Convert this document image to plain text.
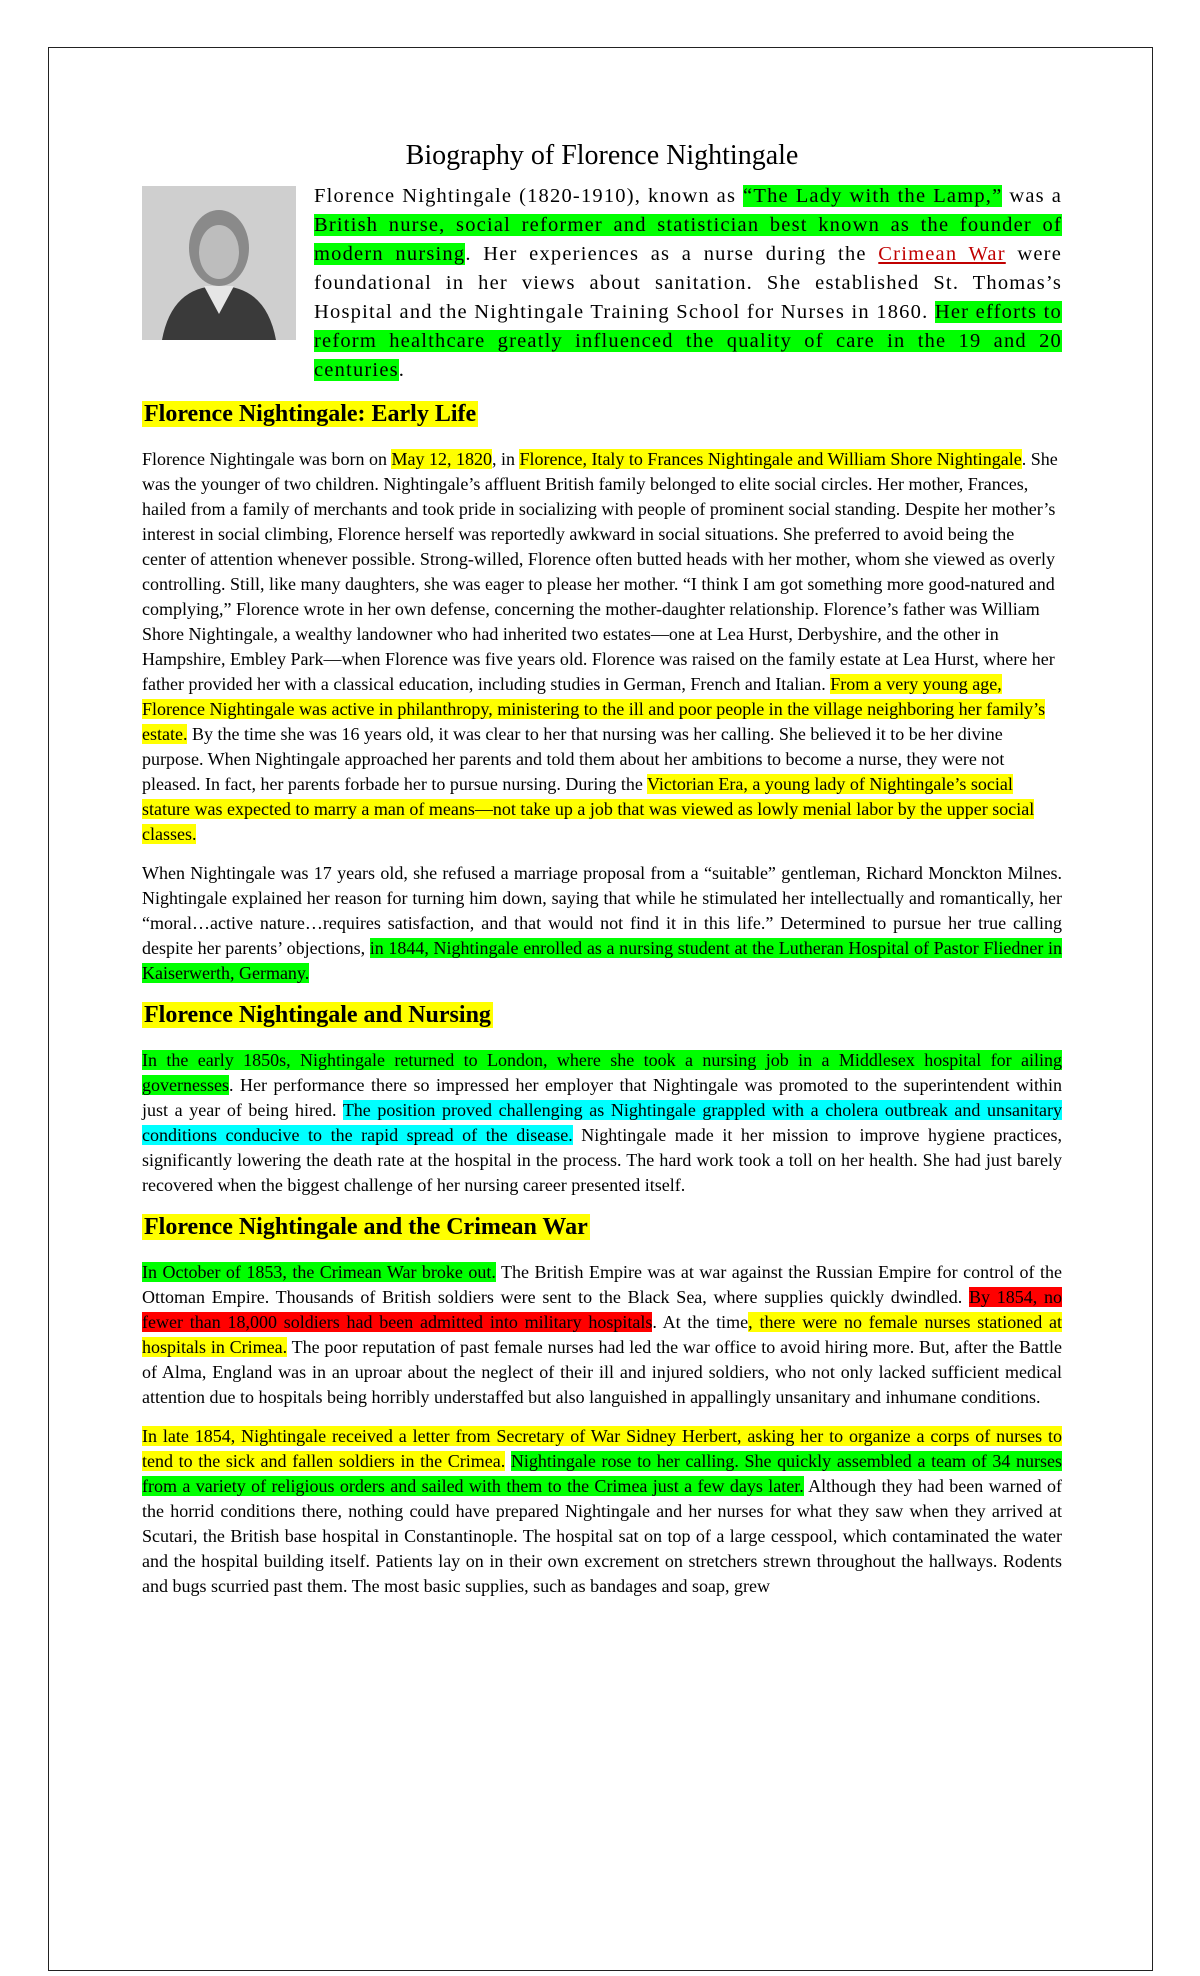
Biography of Florence Nightingale
Florence Nightingale (1820-1910), known as “The Lady with the Lamp,” was a British nurse, social reformer and statistician best known as the founder of modern nursing. Her experiences as a nurse during the Crimean War were foundational in her views about sanitation. She established St. Thomas’s Hospital and the Nightingale Training School for Nurses in 1860. Her efforts to reform healthcare greatly influenced the quality of care in the 19 and 20 centuries.
Florence Nightingale: Early Life

Florence Nightingale was born on May 12, 1820, in Florence, Italy to Frances Nightingale and William Shore Nightingale. She was the younger of two children. Nightingale’s affluent British family belonged to elite social circles. Her mother, Frances, hailed from a family of merchants and took pride in socializing with people of prominent social standing. Despite her mother’s interest in social climbing, Florence herself was reportedly awkward in social situations. She preferred to avoid being the center of attention whenever possible. Strong-willed, Florence often butted heads with her mother, whom she viewed as overly controlling. Still, like many daughters, she was eager to please her mother. “I think I am got something more good-natured and complying,” Florence wrote in her own defense, concerning the mother-daughter relationship. Florence’s father was William Shore Nightingale, a wealthy landowner who had inherited two estates—one at Lea Hurst, Derbyshire, and the other in Hampshire, Embley Park—when Florence was five years old. Florence was raised on the family estate at Lea Hurst, where her father provided her with a classical education, including studies in German, French and Italian. From a very young age, Florence Nightingale was active in philanthropy, ministering to the ill and poor people in the village neighboring her family’s estate. By the time she was 16 years old, it was clear to her that nursing was her calling. She believed it to be her divine purpose. When Nightingale approached her parents and told them about her ambitions to become a nurse, they were not pleased. In fact, her parents forbade her to pursue nursing. During the Victorian Era, a young lady of Nightingale’s social stature was expected to marry a man of means—not take up a job that was viewed as lowly menial labor by the upper social classes.

When Nightingale was 17 years old, she refused a marriage proposal from a “suitable” gentleman, Richard Monckton Milnes. Nightingale explained her reason for turning him down, saying that while he stimulated her intellectually and romantically, her “moral…active nature…requires satisfaction, and that would not find it in this life.” Determined to pursue her true calling despite her parents’ objections, in 1844, Nightingale enrolled as a nursing student at the Lutheran Hospital of Pastor Fliedner in Kaiserwerth, Germany.

Florence Nightingale and Nursing

In the early 1850s, Nightingale returned to London, where she took a nursing job in a Middlesex hospital for ailing governesses. Her performance there so impressed her employer that Nightingale was promoted to the superintendent within just a year of being hired. The position proved challenging as Nightingale grappled with a cholera outbreak and unsanitary conditions conducive to the rapid spread of the disease. Nightingale made it her mission to improve hygiene practices, significantly lowering the death rate at the hospital in the process. The hard work took a toll on her health. She had just barely recovered when the biggest challenge of her nursing career presented itself.

Florence Nightingale and the Crimean War

In October of 1853, the Crimean War broke out. The British Empire was at war against the Russian Empire for control of the Ottoman Empire. Thousands of British soldiers were sent to the Black Sea, where supplies quickly dwindled. By 1854, no fewer than 18,000 soldiers had been admitted into military hospitals. At the time, there were no female nurses stationed at hospitals in Crimea. The poor reputation of past female nurses had led the war office to avoid hiring more. But, after the Battle of Alma, England was in an uproar about the neglect of their ill and injured soldiers, who not only lacked sufficient medical attention due to hospitals being horribly understaffed but also languished in appallingly unsanitary and inhumane conditions.

In late 1854, Nightingale received a letter from Secretary of War Sidney Herbert, asking her to organize a corps of nurses to tend to the sick and fallen soldiers in the Crimea. Nightingale rose to her calling. She quickly assembled a team of 34 nurses from a variety of religious orders and sailed with them to the Crimea just a few days later. Although they had been warned of the horrid conditions there, nothing could have prepared Nightingale and her nurses for what they saw when they arrived at Scutari, the British base hospital in Constantinople. The hospital sat on top of a large cesspool, which contaminated the water and the hospital building itself. Patients lay on in their own excrement on stretchers strewn throughout the hallways. Rodents and bugs scurried past them. The most basic supplies, such as bandages and soap, grew
